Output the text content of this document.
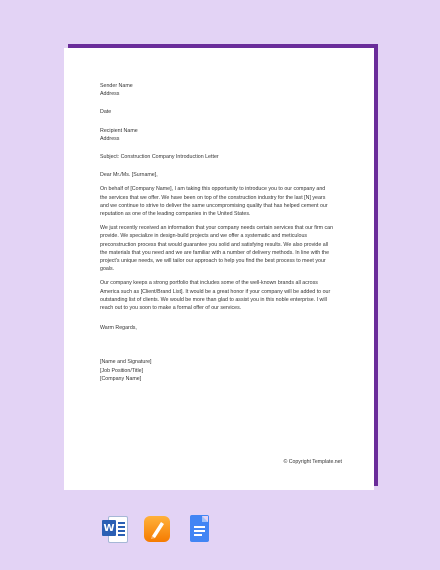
Sender Name
Address
Date
Recipient Name
Address
Subject: Construction Company Introduction Letter
Dear Mr./Ms. [Surname],
On behalf of [Company Name], I am taking this opportunity to introduce you to our company and
the services that we offer. We have been on top of the construction industry for the last [N] years
and we continue to strive to deliver the same uncompromising quality that has helped cement our
reputation as one of the leading companies in the United States.
We just recently received an information that your company needs certain services that our firm can
provide. We specialize in design-build projects and we offer a systematic and meticulous
preconstruction process that would guarantee you solid and satisfying results. We also provide all
the materials that you need and we are familiar with a number of delivery methods. In line with the
project's unique needs, we will tailor our approach to help you find the best process to meet your
goals.
Our company keeps a strong portfolio that includes some of the well-known brands all across
America such as [Client/Brand List]. It would be a great honor if your company will be added to our
outstanding list of clients. We would be more than glad to assist you in this noble enterprise. I will
reach out to you soon to make a formal offer of our services.
Warm Regards,
[Name and Signature]
[Job Position/Title]
[Company Name]
© Copyright Template.net
W
